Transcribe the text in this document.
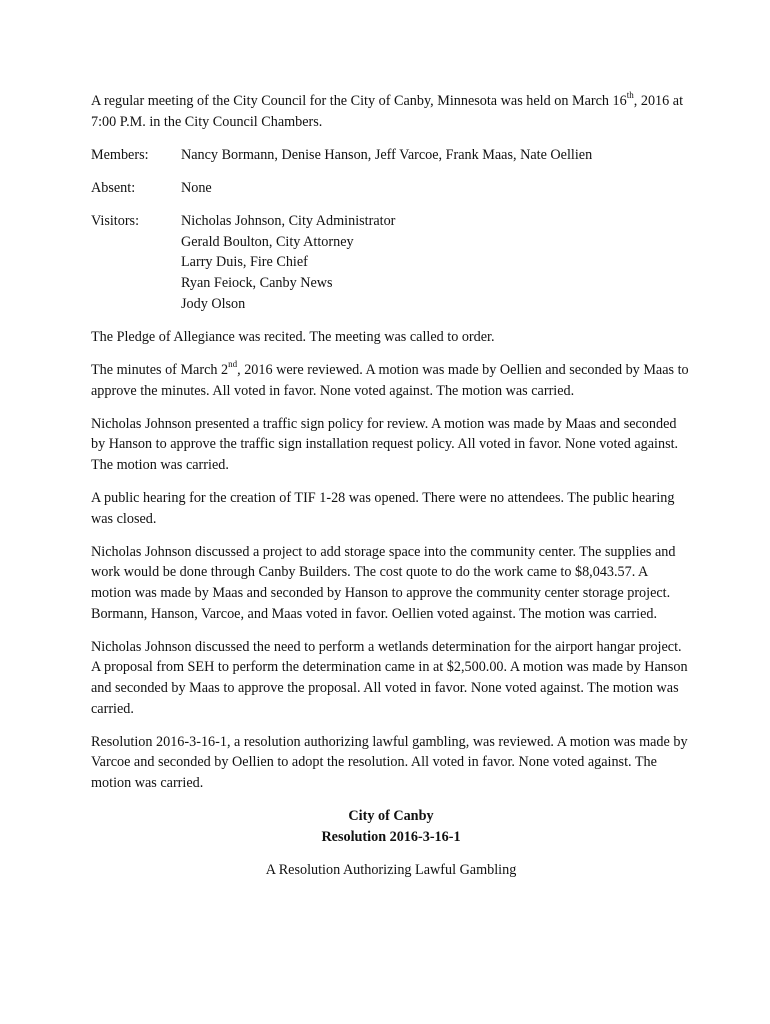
A regular meeting of the City Council for the City of Canby, Minnesota was held on March 16th, 2016 at 7:00 P.M. in the City Council Chambers.

Members:	Nancy Bormann, Denise Hanson, Jeff Varcoe, Frank Maas, Nate Oellien
Absent:	None
Visitors:	Nicholas Johnson, City Administrator
Gerald Boulton, City Attorney
Larry Duis, Fire Chief
Ryan Feiock, Canby News
Jody Olson

The Pledge of Allegiance was recited. The meeting was called to order.

The minutes of March 2nd, 2016 were reviewed. A motion was made by Oellien and seconded by Maas to approve the minutes. All voted in favor. None voted against. The motion was carried.

Nicholas Johnson presented a traffic sign policy for review. A motion was made by Maas and seconded by Hanson to approve the traffic sign installation request policy. All voted in favor. None voted against. The motion was carried.

A public hearing for the creation of TIF 1-28 was opened. There were no attendees. The public hearing was closed.

Nicholas Johnson discussed a project to add storage space into the community center. The supplies and work would be done through Canby Builders. The cost quote to do the work came to $8,043.57. A motion was made by Maas and seconded by Hanson to approve the community center storage project. Bormann, Hanson, Varcoe, and Maas voted in favor. Oellien voted against. The motion was carried.

Nicholas Johnson discussed the need to perform a wetlands determination for the airport hangar project. A proposal from SEH to perform the determination came in at $2,500.00. A motion was made by Hanson and seconded by Maas to approve the proposal. All voted in favor. None voted against. The motion was carried.

Resolution 2016-3-16-1, a resolution authorizing lawful gambling, was reviewed. A motion was made by Varcoe and seconded by Oellien to adopt the resolution. All voted in favor. None voted against. The motion was carried.

City of Canby

Resolution 2016-3-16-1

A Resolution Authorizing Lawful Gambling
